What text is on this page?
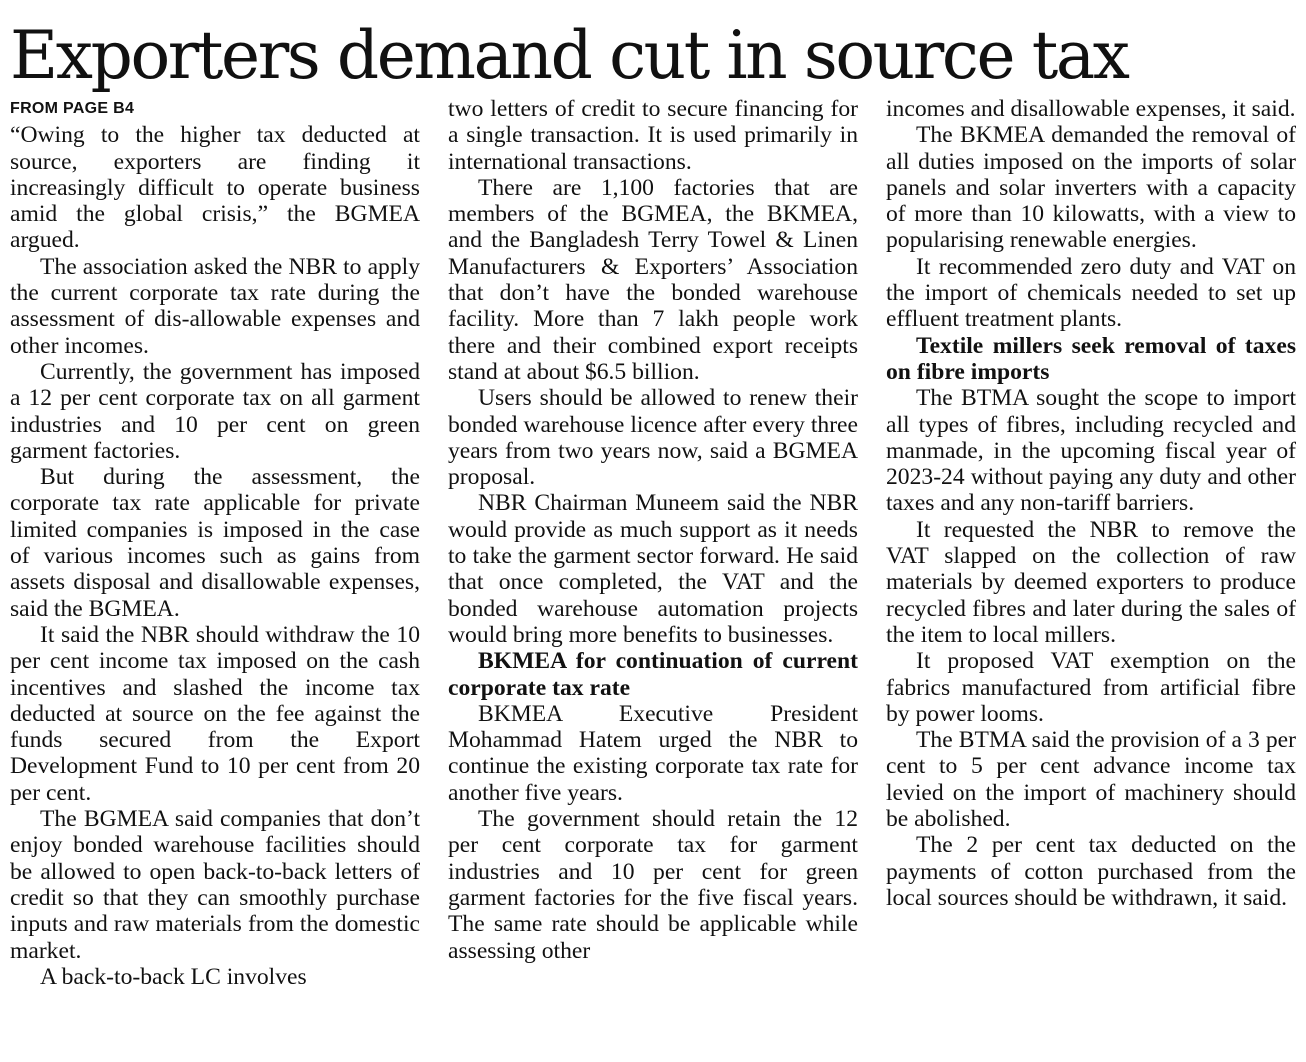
Exporters demand cut in source tax
FROM PAGE B4

“Owing to the higher tax deducted at source, exporters are finding it increasingly difficult to operate business amid the global crisis,” the BGMEA argued.

The association asked the NBR to apply the current corporate tax rate during the assessment of dis-allowable expenses and other incomes.

Currently, the government has imposed a 12 per cent corporate tax on all garment industries and 10 per cent on green garment factories.

But during the assessment, the corporate tax rate applicable for private limited companies is imposed in the case of various incomes such as gains from assets disposal and disallowable expenses, said the BGMEA.

It said the NBR should withdraw the 10 per cent income tax imposed on the cash incentives and slashed the income tax deducted at source on the fee against the funds secured from the Export Development Fund to 10 per cent from 20 per cent.

The BGMEA said companies that don’t enjoy bonded warehouse facilities should be allowed to open back-to-back letters of credit so that they can smoothly purchase inputs and raw materials from the domestic market.

A back-to-back LC involves

two letters of credit to secure financing for a single transaction. It is used primarily in international transactions.

There are 1,100 factories that are members of the BGMEA, the BKMEA, and the Bangladesh Terry Towel & Linen Manufacturers & Exporters’ Association that don’t have the bonded warehouse facility. More than 7 lakh people work there and their combined export receipts stand at about $6.5 billion.

Users should be allowed to renew their bonded warehouse licence after every three years from two years now, said a BGMEA proposal.

NBR Chairman Muneem said the NBR would provide as much support as it needs to take the garment sector forward. He said that once completed, the VAT and the bonded warehouse automation projects would bring more benefits to businesses.

BKMEA for continuation of current corporate tax rate

BKMEA Executive President Mohammad Hatem urged the NBR to continue the existing corporate tax rate for another five years.

The government should retain the 12 per cent corporate tax for garment industries and 10 per cent for green garment factories for the five fiscal years. The same rate should be applicable while assessing other

incomes and disallowable expenses, it said.

The BKMEA demanded the removal of all duties imposed on the imports of solar panels and solar inverters with a capacity of more than 10 kilowatts, with a view to popularising renewable energies.

It recommended zero duty and VAT on the import of chemicals needed to set up effluent treatment plants.

Textile millers seek removal of taxes on fibre imports

The BTMA sought the scope to import all types of fibres, including recycled and manmade, in the upcoming fiscal year of 2023-24 without paying any duty and other taxes and any non-tariff barriers.

It requested the NBR to remove the VAT slapped on the collection of raw materials by deemed exporters to produce recycled fibres and later during the sales of the item to local millers.

It proposed VAT exemption on the fabrics manufactured from artificial fibre by power looms.

The BTMA said the provision of a 3 per cent to 5 per cent advance income tax levied on the import of machinery should be abolished.

The 2 per cent tax deducted on the payments of cotton purchased from the local sources should be withdrawn, it said.
